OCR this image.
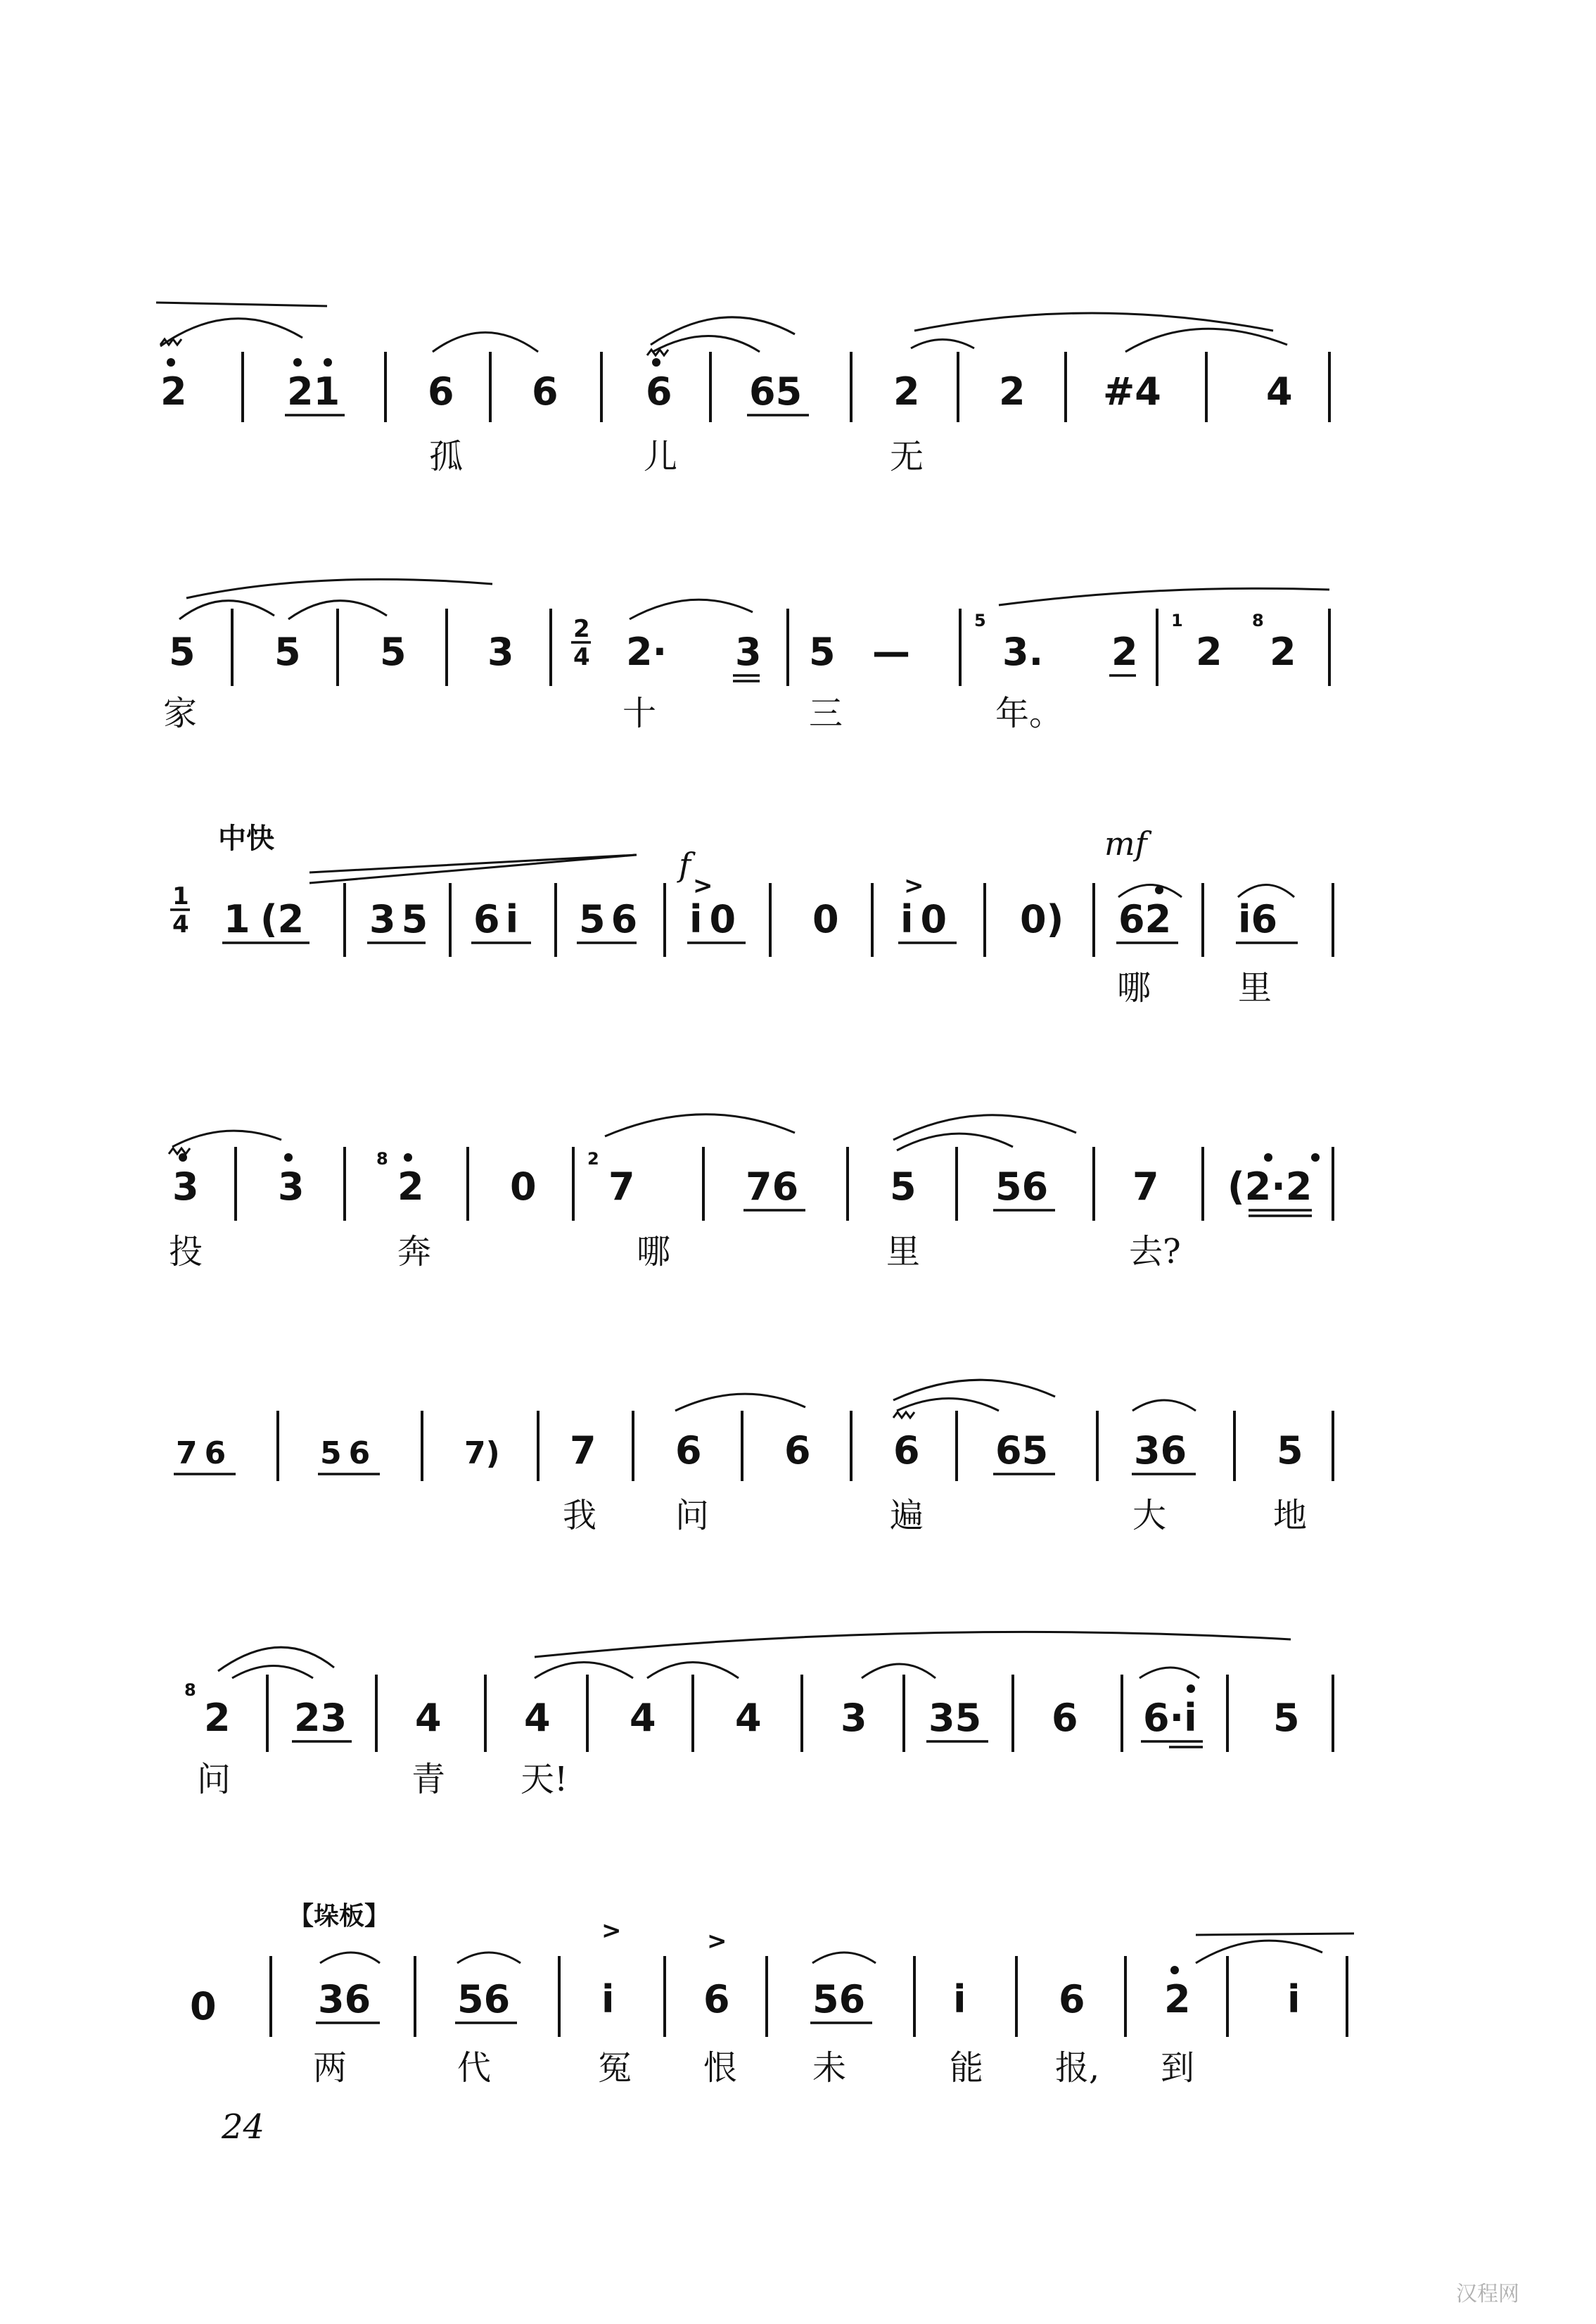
2	21 6 6 6 65 2 2 #4	4
孤	儿	无
5 5 5 3
2
4 2· 3 5 —
5
3. 2
1
2
8
2
家	十	三	年。
中快
f
mf
1
4 1 (2 35 6i 56
>
i0 0
>
i0 0) 62 i6
哪	里
3 3
8
2 0
2
7	76 5 56 7 (2·2
投	奔	哪	里	去?
76	56	7) 7 6 6 6 65 36 5
我 问	遍	大	地
8
2 23 4 4 4 4 3 35 6 6·i 5
问	青 天!
【垛板】
0	36 56
>
i
>
6 56 i 6 2	i
两	代	冤 恨 未	能 报, 到
24
汉程网
